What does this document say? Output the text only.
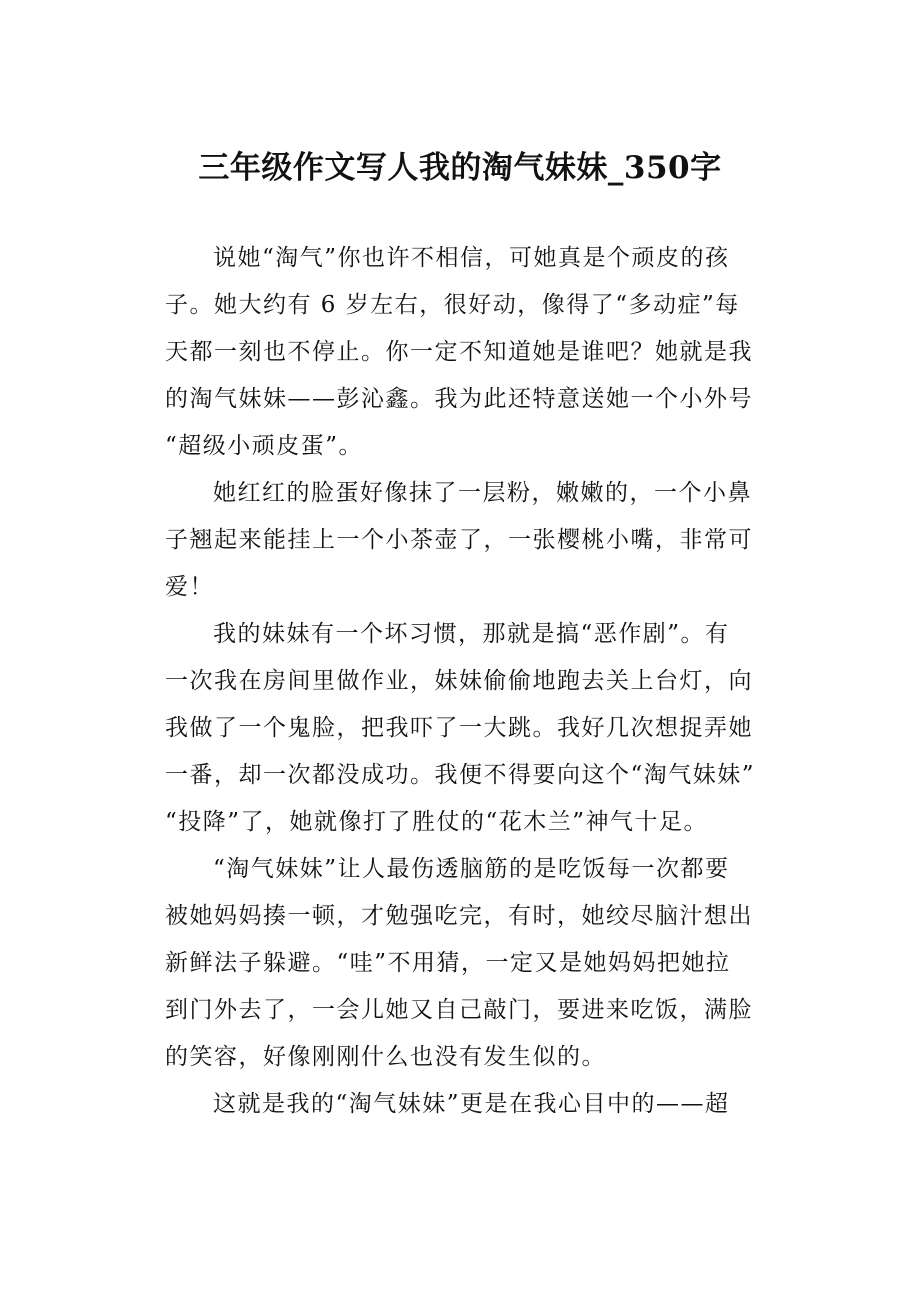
三年级作文写人我的淘气妹妹_350字

说她“淘气”你也许不相信，可她真是个顽皮的孩
子。她大约有 6 岁左右，很好动，像得了“多动症”每
天都一刻也不停止。你一定不知道她是谁吧？她就是我
的淘气妹妹——彭沁鑫。我为此还特意送她一个小外号
“超级小顽皮蛋”。

她红红的脸蛋好像抹了一层粉，嫩嫩的，一个小鼻
子翘起来能挂上一个小茶壶了，一张樱桃小嘴，非常可
爱！

我的妹妹有一个坏习惯，那就是搞“恶作剧”。有
一次我在房间里做作业，妹妹偷偷地跑去关上台灯，向
我做了一个鬼脸，把我吓了一大跳。我好几次想捉弄她
一番，却一次都没成功。我便不得要向这个“淘气妹妹”
“投降”了，她就像打了胜仗的“花木兰”神气十足。

“淘气妹妹”让人最伤透脑筋的是吃饭每一次都要
被她妈妈揍一顿，才勉强吃完，有时，她绞尽脑汁想出
新鲜法子躲避。“哇”不用猜，一定又是她妈妈把她拉
到门外去了，一会儿她又自己敲门，要进来吃饭，满脸
的笑容，好像刚刚什么也没有发生似的。

这就是我的“淘气妹妹”更是在我心目中的——超
